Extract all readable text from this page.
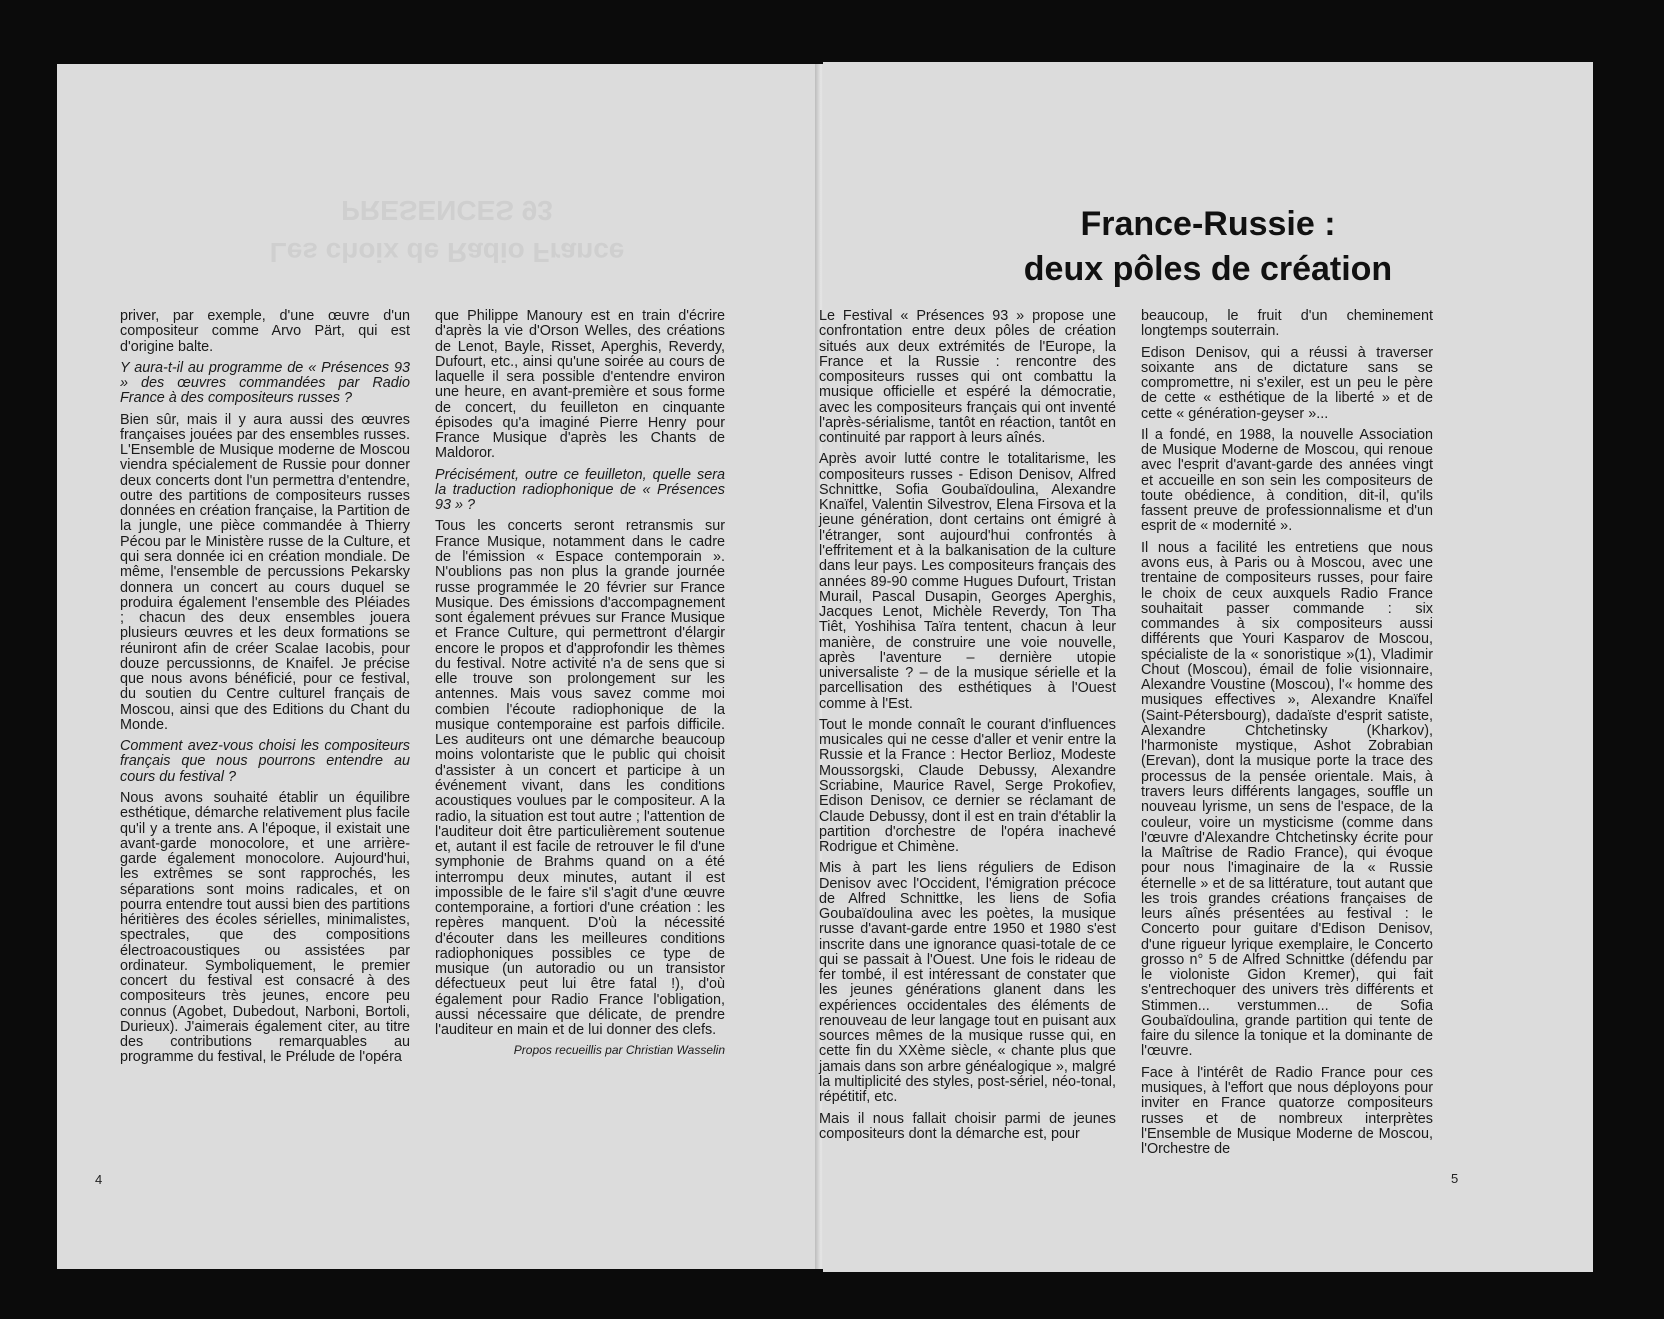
PRESENCES 93
Les choix de Radio France

priver, par exemple, d'une œuvre d'un compositeur comme Arvo Pärt, qui est d'origine balte.

Y aura-t-il au programme de « Présences 93 » des œuvres commandées par Radio France à des compositeurs russes ?

Bien sûr, mais il y aura aussi des œuvres françaises jouées par des ensembles russes. L'Ensemble de Musique moderne de Moscou viendra spécialement de Russie pour donner deux concerts dont l'un permettra d'entendre, outre des partitions de compositeurs russes données en création française, la Partition de la jungle, une pièce commandée à Thierry Pécou par le Ministère russe de la Culture, et qui sera donnée ici en création mondiale. De même, l'ensemble de percussions Pekarsky donnera un concert au cours duquel se produira également l'ensemble des Pléiades ; chacun des deux ensembles jouera plusieurs œuvres et les deux formations se réuniront afin de créer Scalae Iacobis, pour douze percussionns, de Knaifel. Je précise que nous avons bénéficié, pour ce festival, du soutien du Centre culturel français de Moscou, ainsi que des Editions du Chant du Monde.

Comment avez-vous choisi les compositeurs français que nous pourrons entendre au cours du festival ?

Nous avons souhaité établir un équilibre esthétique, démarche relativement plus facile qu'il y a trente ans. A l'époque, il existait une avant-garde monocolore, et une arrière-garde également monocolore. Aujourd'hui, les extrêmes se sont rapprochés, les séparations sont moins radicales, et on pourra entendre tout aussi bien des partitions héritières des écoles sérielles, minimalistes, spectrales, que des compositions électroacoustiques ou assistées par ordinateur. Symboliquement, le premier concert du festival est consacré à des compositeurs très jeunes, encore peu connus (Agobet, Dubedout, Narboni, Bortoli, Durieux). J'aimerais également citer, au titre des contributions remarquables au programme du festival, le Prélude de l'opéra

que Philippe Manoury est en train d'écrire d'après la vie d'Orson Welles, des créations de Lenot, Bayle, Risset, Aperghis, Reverdy, Dufourt, etc., ainsi qu'une soirée au cours de laquelle il sera possible d'entendre environ une heure, en avant-première et sous forme de concert, du feuilleton en cinquante épisodes qu'a imaginé Pierre Henry pour France Musique d'après les Chants de Maldoror.

Précisément, outre ce feuilleton, quelle sera la traduction radiophonique de « Présences 93 » ?

Tous les concerts seront retransmis sur France Musique, notamment dans le cadre de l'émission « Espace contemporain ». N'oublions pas non plus la grande journée russe programmée le 20 février sur France Musique. Des émissions d'accompagnement sont également prévues sur France Musique et France Culture, qui permettront d'élargir encore le propos et d'approfondir les thèmes du festival. Notre activité n'a de sens que si elle trouve son prolongement sur les antennes. Mais vous savez comme moi combien l'écoute radiophonique de la musique contemporaine est parfois difficile. Les auditeurs ont une démarche beaucoup moins volontariste que le public qui choisit d'assister à un concert et participe à un événement vivant, dans les conditions acoustiques voulues par le compositeur. A la radio, la situation est tout autre ; l'attention de l'auditeur doit être particulièrement soutenue et, autant il est facile de retrouver le fil d'une symphonie de Brahms quand on a été interrompu deux minutes, autant il est impossible de le faire s'il s'agit d'une œuvre contemporaine, a fortiori d'une création : les repères manquent. D'où la nécessité d'écouter dans les meilleures conditions radiophoniques possibles ce type de musique (un autoradio ou un transistor défectueux peut lui être fatal !), d'où également pour Radio France l'obligation, aussi nécessaire que délicate, de prendre l'auditeur en main et de lui donner des clefs.

Propos recueillis par Christian Wasselin
4
France-Russie :
deux pôles de création

Le Festival « Présences 93 » propose une confrontation entre deux pôles de création situés aux deux extrémités de l'Europe, la France et la Russie : rencontre des compositeurs russes qui ont combattu la musique officielle et espéré la démocratie, avec les compositeurs français qui ont inventé l'après-sérialisme, tantôt en réaction, tantôt en continuité par rapport à leurs aînés.

Après avoir lutté contre le totalitarisme, les compositeurs russes - Edison Denisov, Alfred Schnittke, Sofia Goubaïdoulina, Alexandre Knaïfel, Valentin Silvestrov, Elena Firsova et la jeune génération, dont certains ont émigré à l'étranger, sont aujourd'hui confrontés à l'effritement et à la balkanisation de la culture dans leur pays. Les compositeurs français des années 89-90 comme Hugues Dufourt, Tristan Murail, Pascal Dusapin, Georges Aperghis, Jacques Lenot, Michèle Reverdy, Ton Tha Tiêt, Yoshihisa Taïra tentent, chacun à leur manière, de construire une voie nouvelle, après l'aventure – dernière utopie universaliste ? – de la musique sérielle et la parcellisation des esthétiques à l'Ouest comme à l'Est.

Tout le monde connaît le courant d'influences musicales qui ne cesse d'aller et venir entre la Russie et la France : Hector Berlioz, Modeste Moussorgski, Claude Debussy, Alexandre Scriabine, Maurice Ravel, Serge Prokofiev, Edison Denisov, ce dernier se réclamant de Claude Debussy, dont il est en train d'établir la partition d'orchestre de l'opéra inachevé Rodrigue et Chimène.

Mis à part les liens réguliers de Edison Denisov avec l'Occident, l'émigration précoce de Alfred Schnittke, les liens de Sofia Goubaïdoulina avec les poètes, la musique russe d'avant-garde entre 1950 et 1980 s'est inscrite dans une ignorance quasi-totale de ce qui se passait à l'Ouest. Une fois le rideau de fer tombé, il est intéressant de constater que les jeunes générations glanent dans les expériences occidentales des éléments de renouveau de leur langage tout en puisant aux sources mêmes de la musique russe qui, en cette fin du XXème siècle, « chante plus que jamais dans son arbre généalogique », malgré la multiplicité des styles, post-sériel, néo-tonal, répétitif, etc.

Mais il nous fallait choisir parmi de jeunes compositeurs dont la démarche est, pour

beaucoup, le fruit d'un cheminement longtemps souterrain.

Edison Denisov, qui a réussi à traverser soixante ans de dictature sans se compromettre, ni s'exiler, est un peu le père de cette « esthétique de la liberté » et de cette « génération-geyser »...

Il a fondé, en 1988, la nouvelle Association de Musique Moderne de Moscou, qui renoue avec l'esprit d'avant-garde des années vingt et accueille en son sein les compositeurs de toute obédience, à condition, dit-il, qu'ils fassent preuve de professionnalisme et d'un esprit de « modernité ».

Il nous a facilité les entretiens que nous avons eus, à Paris ou à Moscou, avec une trentaine de compositeurs russes, pour faire le choix de ceux auxquels Radio France souhaitait passer commande : six commandes à six compositeurs aussi différents que Youri Kasparov de Moscou, spécialiste de la « sonoristique »(1), Vladimir Chout (Moscou), émail de folie visionnaire, Alexandre Voustine (Moscou), l'« homme des musiques effectives », Alexandre Knaïfel (Saint-Pétersbourg), dadaïste d'esprit satiste, Alexandre Chtchetinsky (Kharkov), l'harmoniste mystique, Ashot Zobrabian (Erevan), dont la musique porte la trace des processus de la pensée orientale. Mais, à travers leurs différents langages, souffle un nouveau lyrisme, un sens de l'espace, de la couleur, voire un mysticisme (comme dans l'œuvre d'Alexandre Chtchetinsky écrite pour la Maîtrise de Radio France), qui évoque pour nous l'imaginaire de la « Russie éternelle » et de sa littérature, tout autant que les trois grandes créations françaises de leurs aînés présentées au festival : le Concerto pour guitare d'Edison Denisov, d'une rigueur lyrique exemplaire, le Concerto grosso n° 5 de Alfred Schnittke (défendu par le violoniste Gidon Kremer), qui fait s'entrechoquer des univers très différents et Stimmen... verstummen... de Sofia Goubaïdoulina, grande partition qui tente de faire du silence la tonique et la dominante de l'œuvre.

Face à l'intérêt de Radio France pour ces musiques, à l'effort que nous déployons pour inviter en France quatorze compositeurs russes et de nombreux interprètes l'Ensemble de Musique Moderne de Moscou, l'Orchestre de

5
